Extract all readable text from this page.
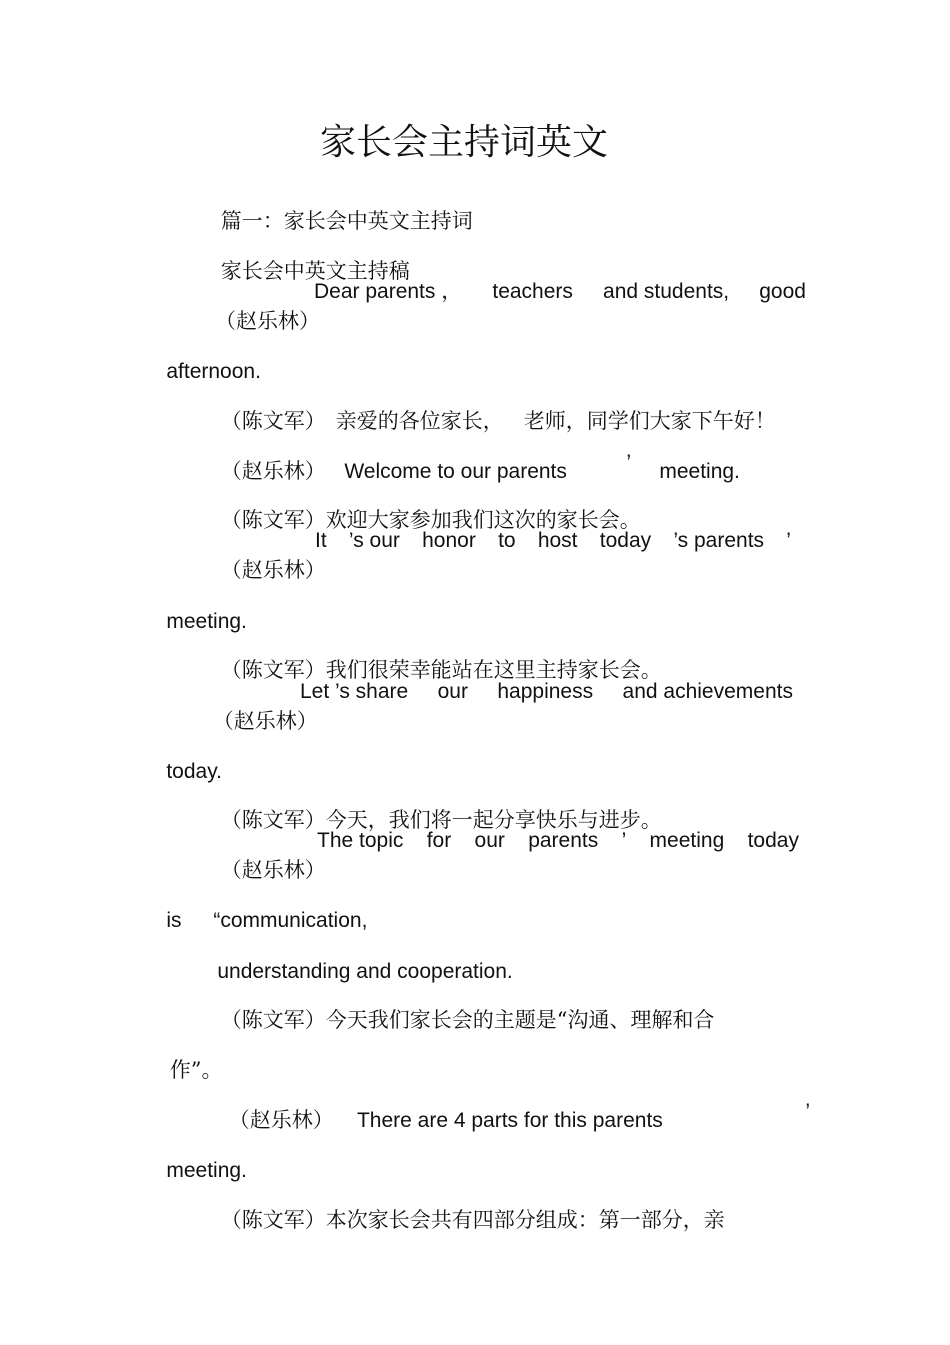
家长会主持词英文

篇一：家长会中英文主持词

家长会中英文主持稿

（赵乐林）

Dear parents ， teachers and students, good

afternoon.

（陈文军）
亲爱的各位家长，   老师，同学们大家下午好！

（赵乐林）
Welcome to our parents
	’
	meeting.

（陈文军）欢迎大家参加我们这次的家长会。

（赵乐林）

It ’s our honor to host today ’s parents ’

meeting.

（陈文军）我们很荣幸能站在这里主持家长会。

（赵乐林）

Let ’s share our happiness and achievements

today.

（陈文军）今天，我们将一起分享快乐与进步。

（赵乐林）

The topic for our parents ’ meeting today

is
	“communication,

understanding and cooperation.

（陈文军）今天我们家长会的主题是“沟通、理解和合

作”。

（赵乐林）
	There are 4 parts for this parents
	’

meeting.

（陈文军）本次家长会共有四部分组成：第一部分，亲
